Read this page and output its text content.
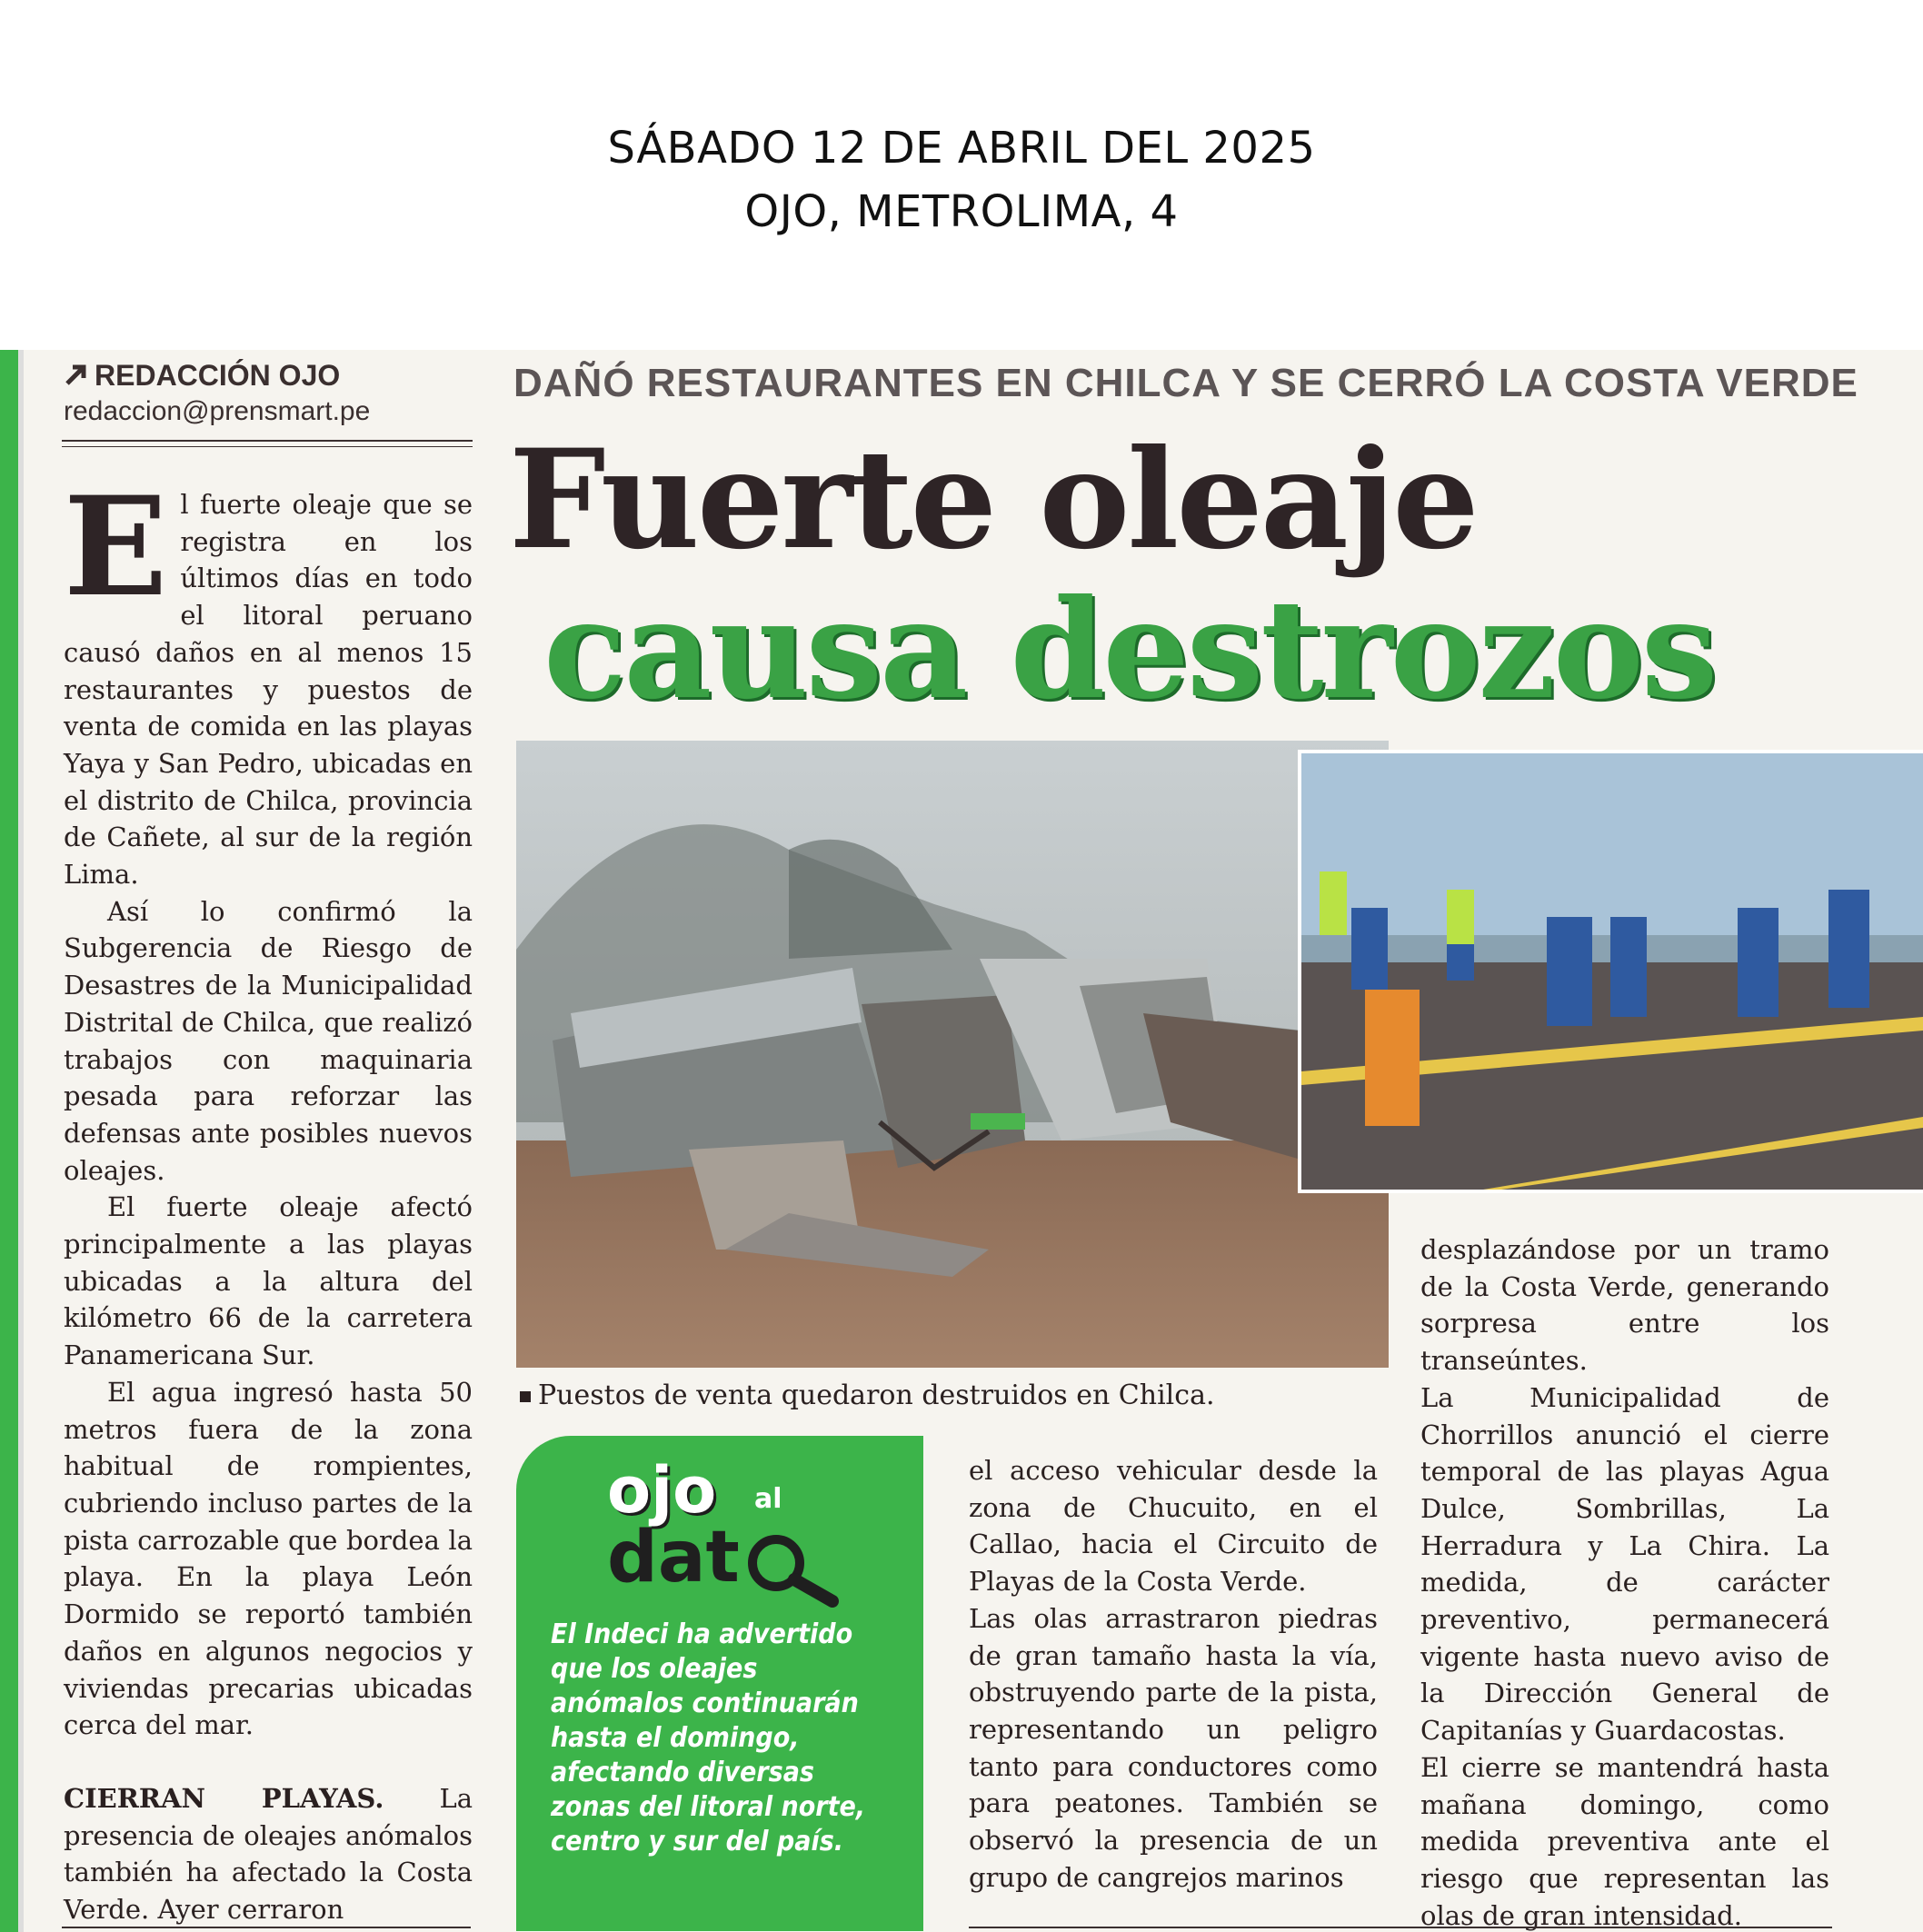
SÁBADO 12 DE ABRIL DEL 2025
OJO, METROLIMA, 4
REDACCIÓN OJO
redaccion@prensmart.pe
DAÑÓ RESTAURANTES EN CHILCA Y SE CERRÓ LA COSTA VERDE
Fuerte oleaje
causa destrozos

El fuerte oleaje que se registra en los últimos días en todo el litoral peruano causó daños en al menos 15 restaurantes y puestos de venta de comida en las playas Yaya y San Pedro, ubicadas en el distrito de Chilca, provincia de Cañete, al sur de la región Lima.

Así lo confirmó la Subgerencia de Riesgo de Desastres de la Municipalidad Distrital de Chilca, que realizó trabajos con maquinaria pesada para reforzar las defensas ante posibles nuevos oleajes.

El fuerte oleaje afectó principalmente a las playas ubicadas a la altura del kilómetro 66 de la carretera Panamericana Sur.

El agua ingresó hasta 50 metros fuera de la zona habitual de rompientes, cubriendo incluso partes de la pista carrozable que bordea la playa. En la playa León Dormido se reportó también daños en algunos negocios y viviendas precarias ubicadas cerca del mar.

CIERRAN PLAYAS. La presencia de oleajes anómalos también ha afectado la Costa Verde. Ayer cerraron

Puestos de venta quedaron destruidos en Chilca.
ojo al
dat
El Indeci ha advertido que los oleajes anómalos continuarán hasta el domingo, afectando diversas zonas del litoral norte, centro y sur del país.

el acceso vehicular desde la zona de Chucuito, en el Callao, hacia el Circuito de Playas de la Costa Verde.

Las olas arrastraron piedras de gran tamaño hasta la vía, obstruyendo parte de la pista, representando un peligro tanto para conductores como para peatones. También se observó la presencia de un grupo de cangrejos marinos

desplazándose por un tramo de la Costa Verde, generando sorpresa entre los transeúntes.

La Municipalidad de Chorrillos anunció el cierre temporal de las playas Agua Dulce, Sombrillas, La Herradura y La Chira. La medida, de carácter preventivo, permanecerá vigente hasta nuevo aviso de la Dirección General de Capitanías y Guardacostas.

El cierre se mantendrá hasta mañana domingo, como medida preventiva ante el riesgo que representan las olas de gran intensidad.
